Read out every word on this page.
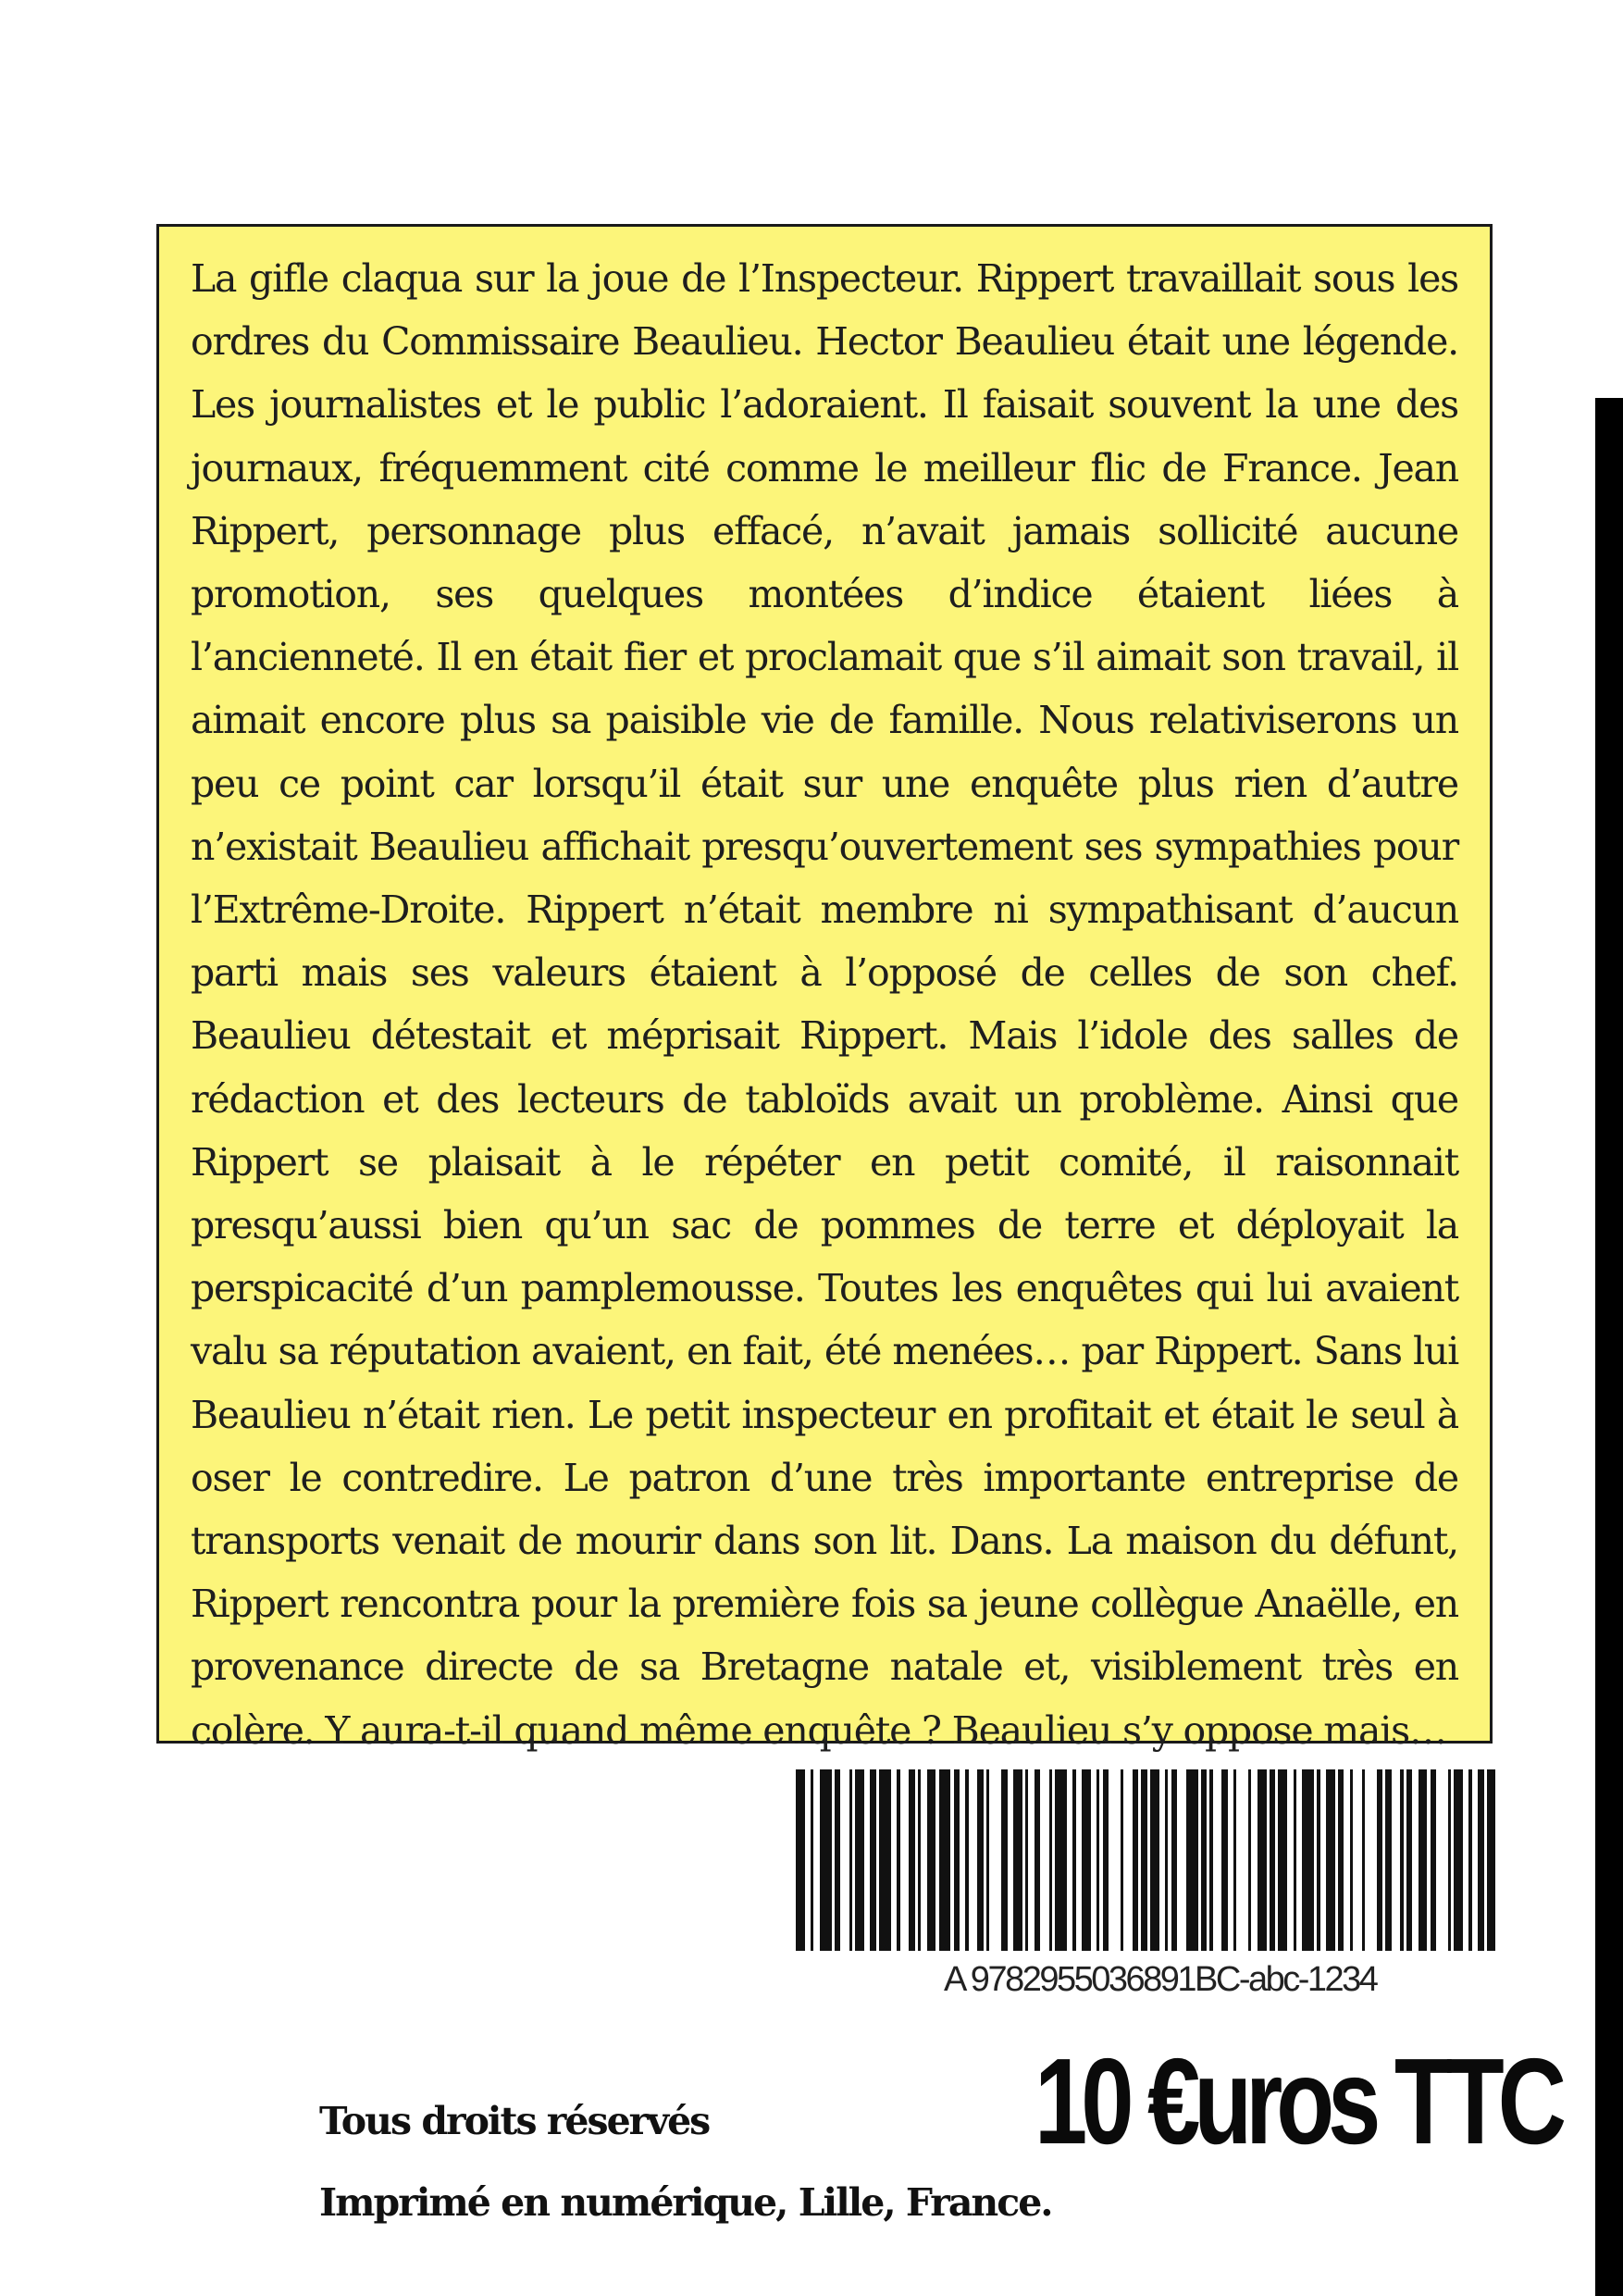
La gifle claqua sur la joue de l’Inspecteur. Rippert travaillait sous les ordres du Commissaire Beaulieu. Hector Beaulieu était une légende. Les journalistes et le public l’adoraient. Il faisait souvent la une des journaux, fréquemment cité comme le meilleur flic de France. Jean Rippert, personnage plus effacé, n’avait jamais sollicité aucune promotion, ses quelques montées d’indice étaient liées à l’ancienneté. Il en était fier et proclamait que s’il aimait son travail, il aimait encore plus sa paisible vie de famille. Nous relativiserons un peu ce point car lorsqu’il était sur une enquête plus rien d’autre n’existait Beaulieu affichait presqu’ouvertement ses sympathies pour l’Extrême-Droite. Rippert n’était membre ni sympathisant d’aucun parti mais ses valeurs étaient à l’opposé de celles de son chef. Beaulieu détestait et méprisait Rippert. Mais l’idole des salles de rédaction et des lecteurs de tabloïds avait un problème. Ainsi que Rippert se plaisait à le répéter en petit comité, il raisonnait presqu’aussi bien qu’un sac de pommes de terre et déployait la perspicacité d’un pamplemousse. Toutes les enquêtes qui lui avaient valu sa réputation avaient, en fait, été menées… par Rippert. Sans lui Beaulieu n’était rien. Le petit inspecteur en profitait et était le seul à oser le contredire. Le patron d’une très importante entreprise de transports venait de mourir dans son lit. Dans. La maison du défunt, Rippert rencontra pour la première fois sa jeune collègue Anaëlle, en provenance directe de sa Bretagne natale et, visiblement très en colère. Y aura-t-il quand même enquête ? Beaulieu s’y oppose mais…

A 9782955036891BC-abc-1234

Tous droits réservés
Imprimé en numérique, Lille, France.
10 €uros TTC
